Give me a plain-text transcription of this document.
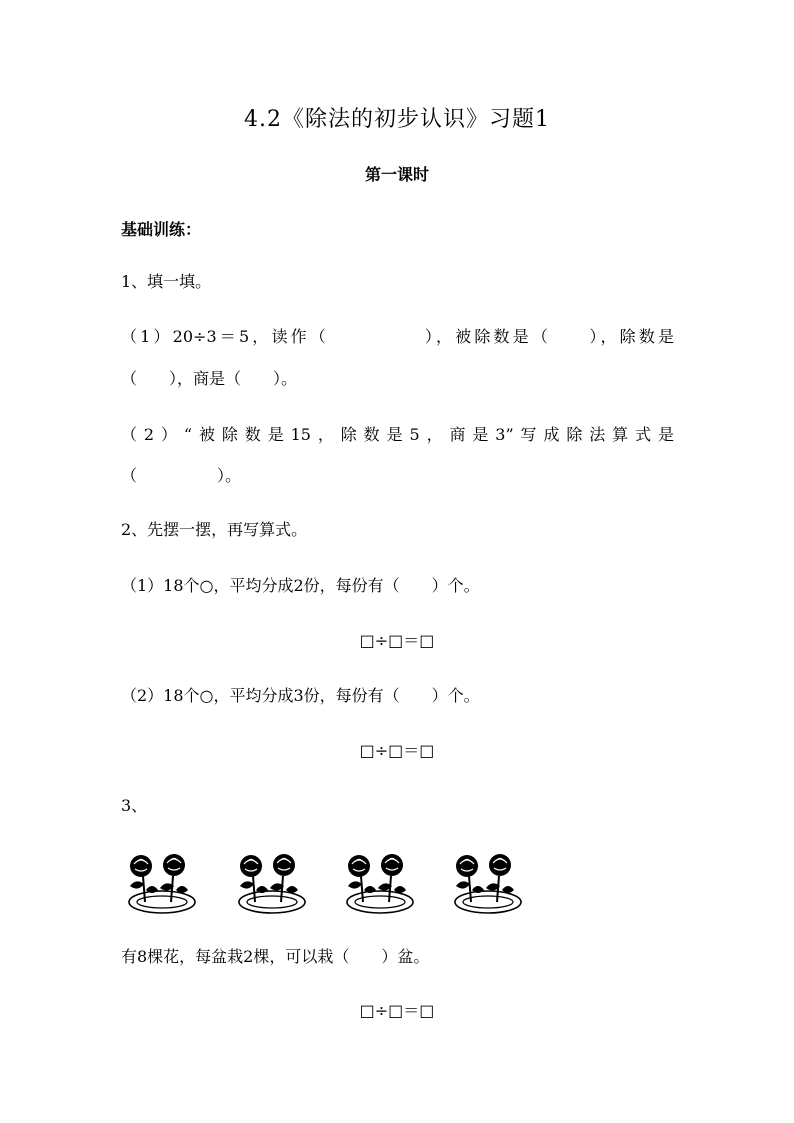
4.2《除法的初步认识》习题1
第一课时
基础训练：
1、填一填。
（1）20÷3＝5，读作（　　　　　），被除数是（　　），除数是
（　　），商是（　　）。
（2）“被除数是15，除数是5，商是3”写成除法算式是
（　　　　　）。
2、先摆一摆，再写算式。
（1）18个○，平均分成2份，每份有（　　）个。
□÷□＝□
（2）18个○，平均分成3份，每份有（　　）个。
□÷□＝□
3、
有8棵花，每盆栽2棵，可以栽（　　）盆。
□÷□＝□
